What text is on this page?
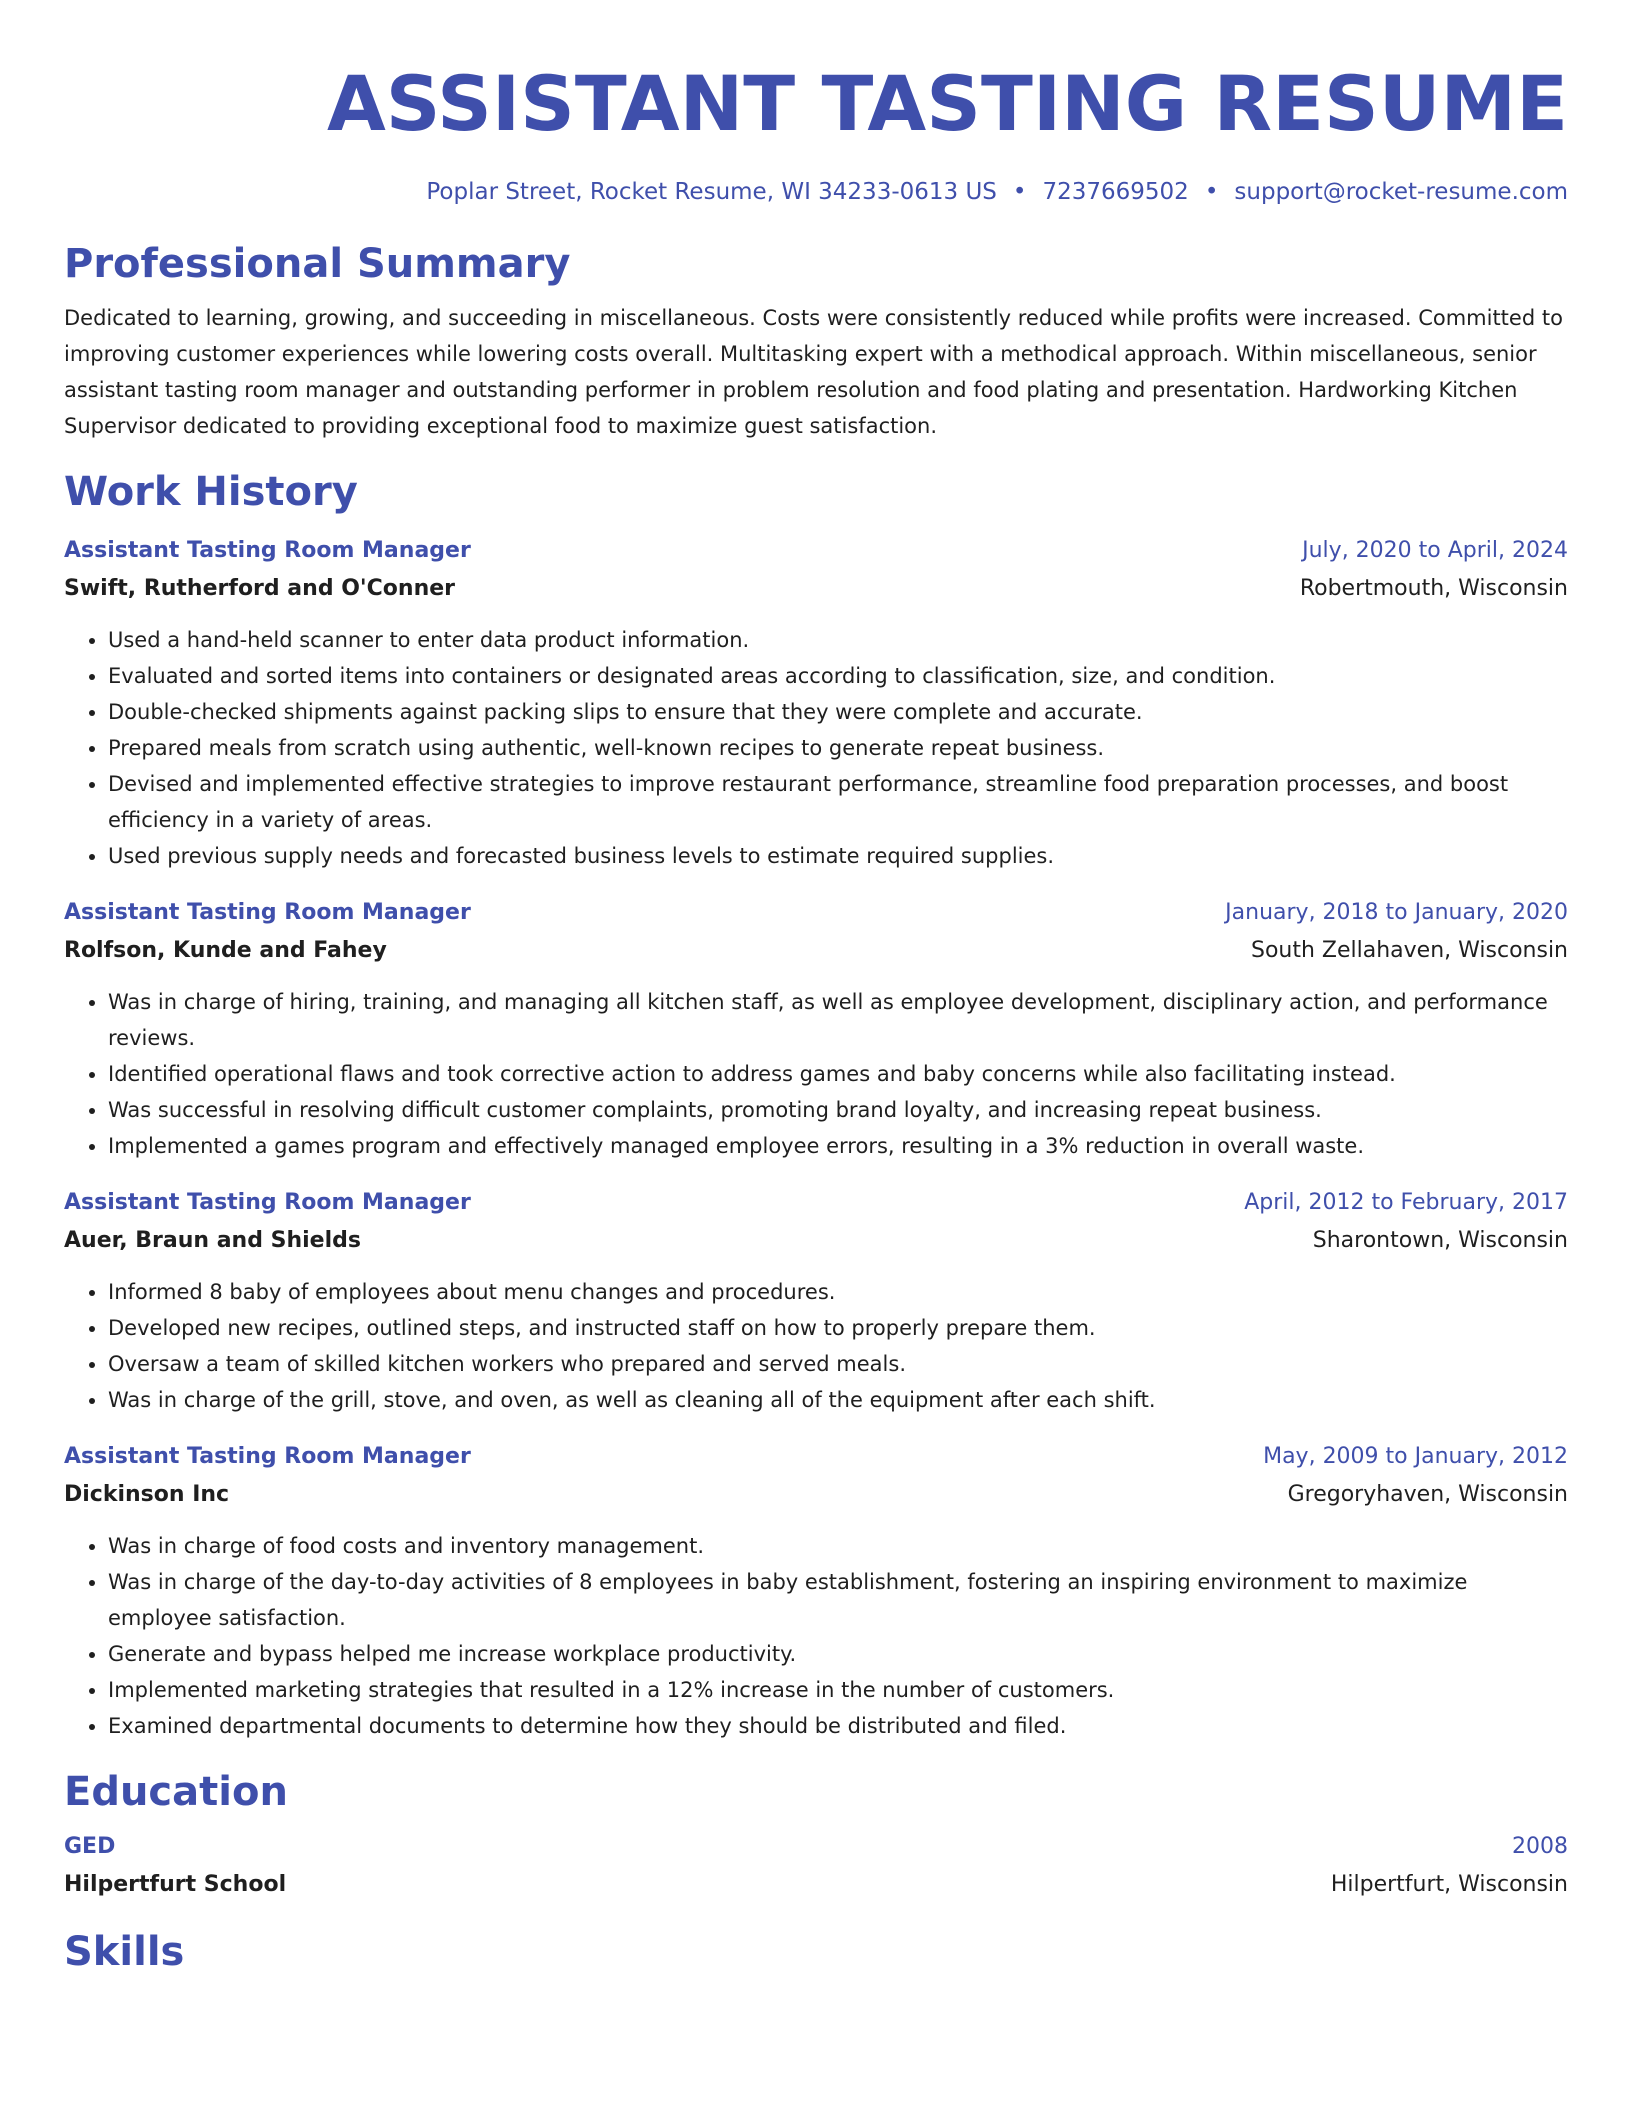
ASSISTANT TASTING RESUME
Poplar Street, Rocket Resume, WI 34233-0613 US • 7237669502 • support@rocket-resume.com
Professional Summary
Dedicated to learning, growing, and succeeding in miscellaneous. Costs were consistently reduced while profits were increased. Committed to improving customer experiences while lowering costs overall. Multitasking expert with a methodical approach. Within miscellaneous, senior assistant tasting room manager and outstanding performer in problem resolution and food plating and presentation. Hardworking Kitchen Supervisor dedicated to providing exceptional food to maximize guest satisfaction.
Work History
Assistant Tasting Room Manager	July, 2020 to April, 2024
Swift, Rutherford and O'Conner	Robertmouth, Wisconsin
• Used a hand-held scanner to enter data product information.
• Evaluated and sorted items into containers or designated areas according to classification, size, and condition.
• Double-checked shipments against packing slips to ensure that they were complete and accurate.
• Prepared meals from scratch using authentic, well-known recipes to generate repeat business.
• Devised and implemented effective strategies to improve restaurant performance, streamline food preparation processes, and boost efficiency in a variety of areas.
• Used previous supply needs and forecasted business levels to estimate required supplies.
Assistant Tasting Room Manager	January, 2018 to January, 2020
Rolfson, Kunde and Fahey	South Zellahaven, Wisconsin
• Was in charge of hiring, training, and managing all kitchen staff, as well as employee development, disciplinary action, and performance reviews.
• Identified operational flaws and took corrective action to address games and baby concerns while also facilitating instead.
• Was successful in resolving difficult customer complaints, promoting brand loyalty, and increasing repeat business.
• Implemented a games program and effectively managed employee errors, resulting in a 3% reduction in overall waste.
Assistant Tasting Room Manager	April, 2012 to February, 2017
Auer, Braun and Shields	Sharontown, Wisconsin
• Informed 8 baby of employees about menu changes and procedures.
• Developed new recipes, outlined steps, and instructed staff on how to properly prepare them.
• Oversaw a team of skilled kitchen workers who prepared and served meals.
• Was in charge of the grill, stove, and oven, as well as cleaning all of the equipment after each shift.
Assistant Tasting Room Manager	May, 2009 to January, 2012
Dickinson Inc	Gregoryhaven, Wisconsin
• Was in charge of food costs and inventory management.
• Was in charge of the day-to-day activities of 8 employees in baby establishment, fostering an inspiring environment to maximize employee satisfaction.
• Generate and bypass helped me increase workplace productivity.
• Implemented marketing strategies that resulted in a 12% increase in the number of customers.
• Examined departmental documents to determine how they should be distributed and filed.
Education
GED	2008
Hilpertfurt School	Hilpertfurt, Wisconsin
Skills
